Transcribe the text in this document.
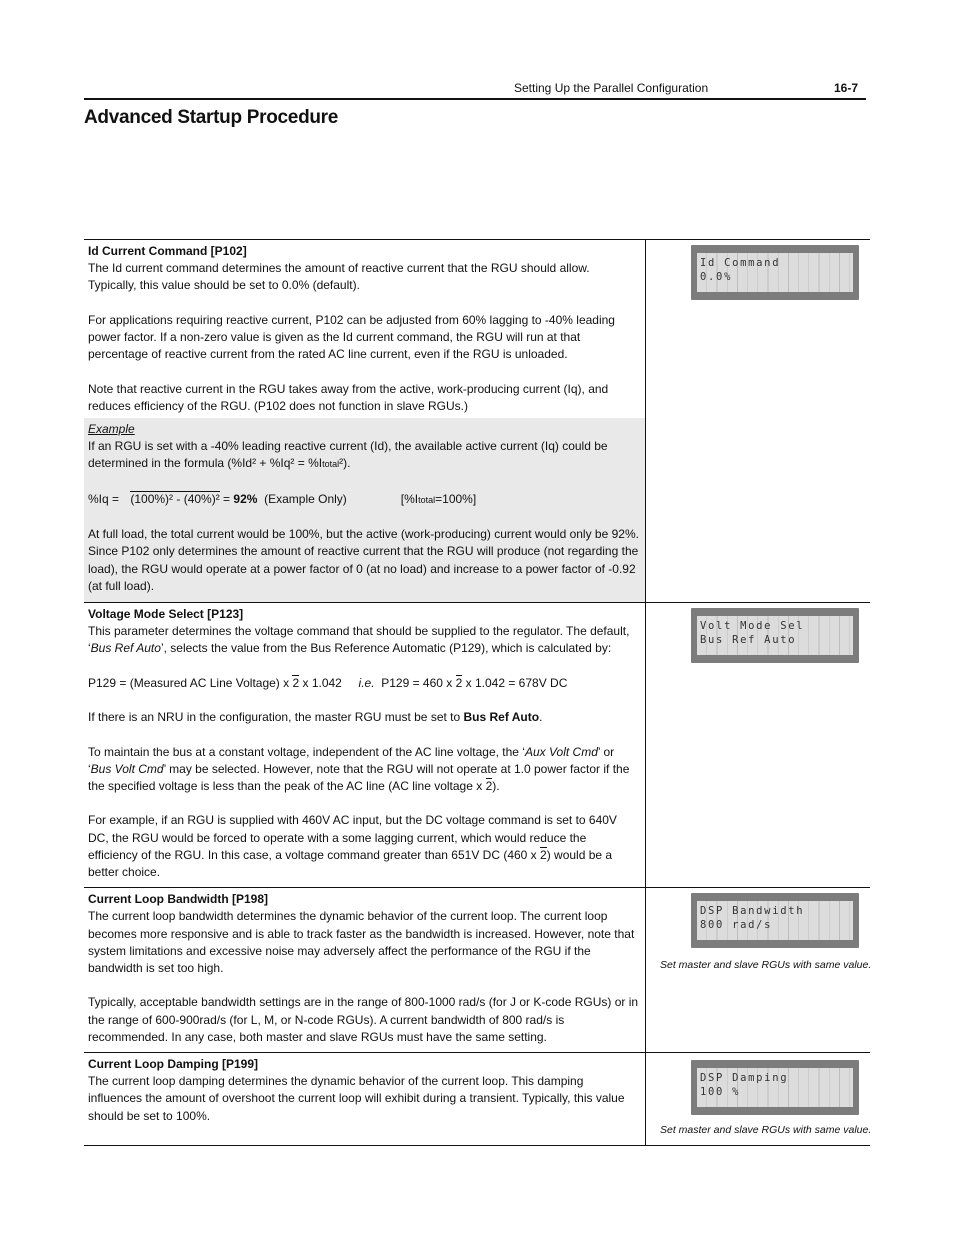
Setting Up the Parallel Configuration	16-7
Advanced Startup Procedure

Id Current Command [P102]

The Id current command determines the amount of reactive current that the RGU should allow. Typically, this value should be set to 0.0% (default).

For applications requiring reactive current, P102 can be adjusted from 60% lagging to -40% leading power factor. If a non-zero value is given as the Id current command, the RGU will run at that percentage of reactive current from the rated AC line current, even if the RGU is unloaded.

Note that reactive current in the RGU takes away from the active, work-producing current (Iq), and reduces efficiency of the RGU. (P102 does not function in slave RGUs.)

Example

If an RGU is set with a -40% leading reactive current (Id), the available active current (Iq) could be determined in the formula (%Id² + %Iq² = %Itotal²).

%Iq = (100%)² - (40%)² = 92%  (Example Only)	[%Itotal=100%]

At full load, the total current would be 100%, but the active (work-producing) current would only be 92%. Since P102 only determines the amount of reactive current that the RGU will produce (not regarding the load), the RGU would operate at a power factor of 0 (at no load) and increase to a power factor of -0.92 (at full load).

Id Command
0.0%

Voltage Mode Select [P123]

This parameter determines the voltage command that should be supplied to the regulator. The default, ‘Bus Ref Auto’, selects the value from the Bus Reference Automatic (P129), which is calculated by:

P129 = (Measured AC Line Voltage) x 2 x 1.042     i.e.  P129 = 460 x 2 x 1.042 = 678V DC

If there is an NRU in the configuration, the master RGU must be set to Bus Ref Auto.

To maintain the bus at a constant voltage, independent of the AC line voltage, the ‘Aux Volt Cmd’ or ‘Bus Volt Cmd’ may be selected. However, note that the RGU will not operate at 1.0 power factor if the the specified voltage is less than the peak of the AC line (AC line voltage x 2).

For example, if an RGU is supplied with 460V AC input, but the DC voltage command is set to 640V DC, the RGU would be forced to operate with a some lagging current, which would reduce the efficiency of the RGU. In this case, a voltage command greater than 651V DC (460 x 2) would be a better choice.

Volt Mode Sel
Bus Ref Auto

Current Loop Bandwidth [P198]

The current loop bandwidth determines the dynamic behavior of the current loop. The current loop becomes more responsive and is able to track faster as the bandwidth is increased. However, note that system limitations and excessive noise may adversely affect the performance of the RGU if the bandwidth is set too high.

Typically, acceptable bandwidth settings are in the range of 800-1000 rad/s (for J or K-code RGUs) or in the range of 600-900rad/s (for L, M, or N-code RGUs). A current bandwidth of 800 rad/s is recommended. In any case, both master and slave RGUs must have the same setting.

DSP Bandwidth
800 rad/s
Set master and slave RGUs with same value.

Current Loop Damping [P199]

The current loop damping determines the dynamic behavior of the current loop. This damping influences the amount of overshoot the current loop will exhibit during a transient. Typically, this value should be set to 100%.

DSP Damping
100 %
Set master and slave RGUs with same value.
